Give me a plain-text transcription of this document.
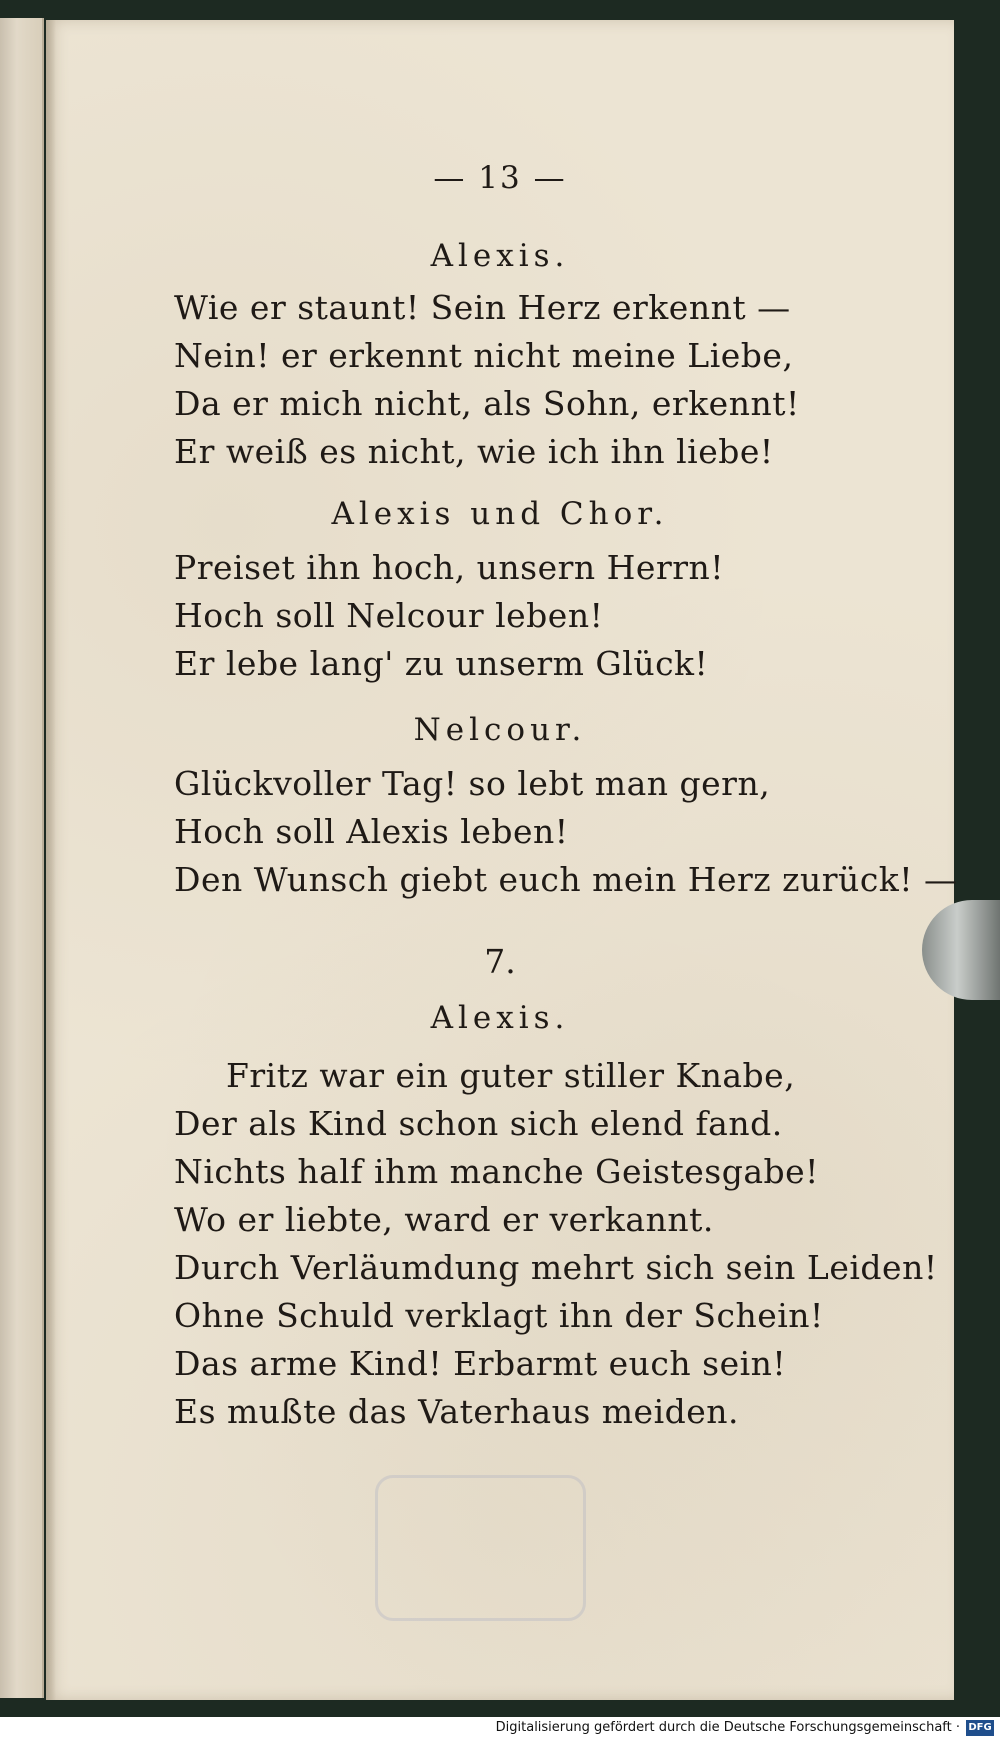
— 13 —

Alexis.

Wie er staunt! Sein Herz erkennt —

Nein! er erkennt nicht meine Liebe,

Da er mich nicht, als Sohn, erkennt!

Er weiß es nicht, wie ich ihn liebe!

Alexis und Chor.

Preiset ihn hoch, unsern Herrn!

Hoch soll Nelcour leben!

Er lebe lang' zu unserm Glück!

Nelcour.

Glückvoller Tag! so lebt man gern,

Hoch soll Alexis leben!

Den Wunsch giebt euch mein Herz zurück! —

7.

Alexis.

Fritz war ein guter stiller Knabe,

Der als Kind schon sich elend fand.

Nichts half ihm manche Geistesgabe!

Wo er liebte, ward er verkannt.

Durch Verläumdung mehrt sich sein Leiden!

Ohne Schuld verklagt ihn der Schein!

Das arme Kind! Erbarmt euch sein!

Es mußte das Vaterhaus meiden.

Digitalisierung gefördert durch die Deutsche Forschungsgemeinschaft · DFG
